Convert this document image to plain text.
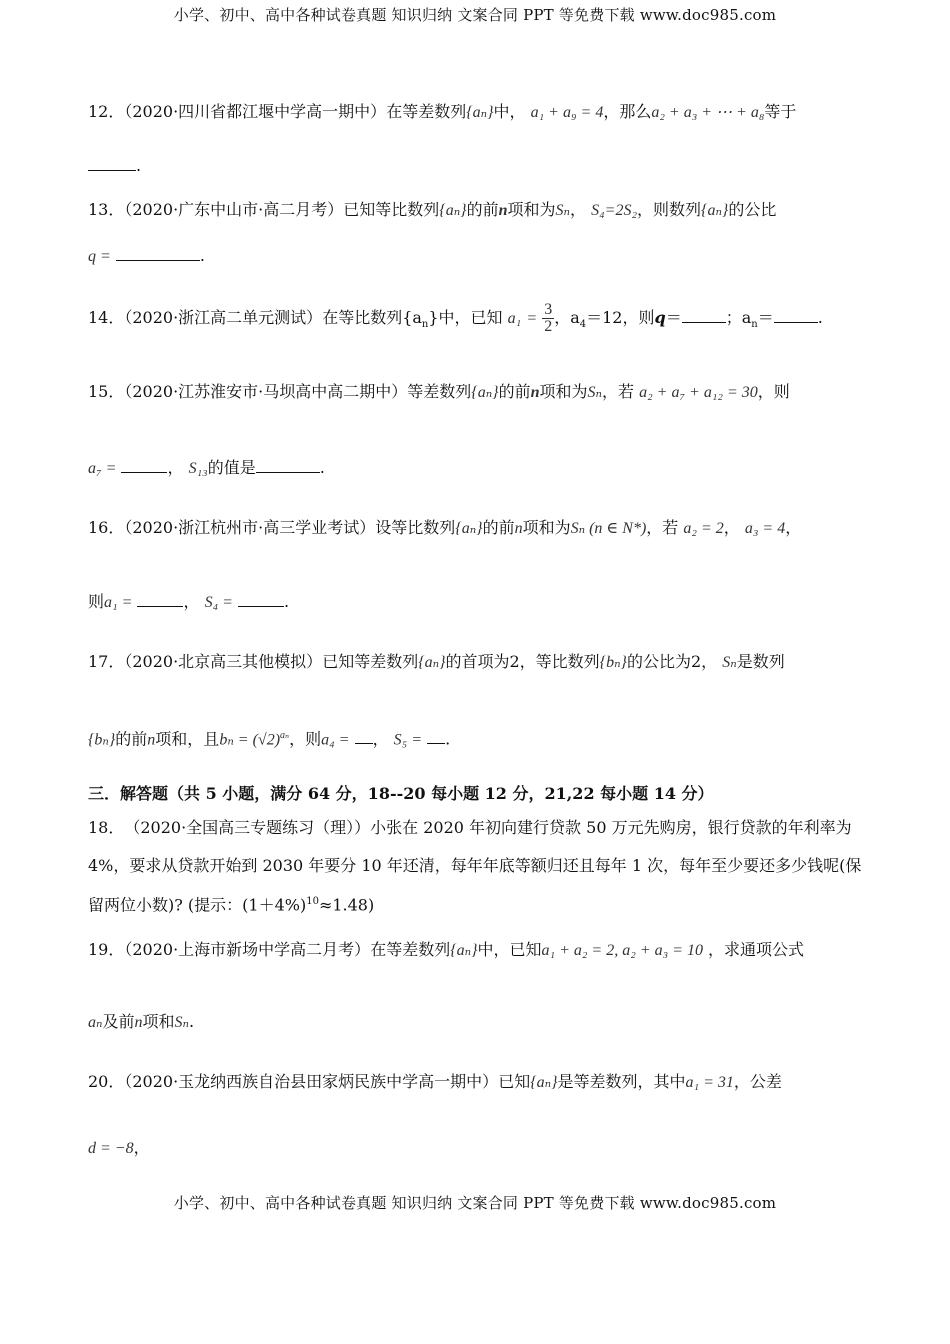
小学、初中、高中各种试卷真题 知识归纳 文案合同 PPT 等免费下载 www.doc985.com
12．（2020·四川省都江堰中学高一期中）在等差数列{aₙ}中， a₁ + a₉ = 4，那么a₂ + a₃ + ⋯ + a₈等于
.
13．（2020·广东中山市·高二月考）已知等比数列{aₙ}的前n项和为Sₙ， S₄=2S₂，则数列{aₙ}的公比
q =	.
14．（2020·浙江高二单元测试）在等比数列$\{a_n\}$中，已知 $a_1 = \frac{3}{2}$ ，$a_4=12$，则q＝	；$a_n=$	.
15．（2020·江苏淮安市·马坝高中高二期中）等差数列{aₙ}的前n项和为Sₙ，若 a₂ + a₇ + a₁₂ = 30，则
a₇ =	， S₁₃的值是	.
16．（2020·浙江杭州市·高三学业考试）设等比数列{aₙ}的前n项和为Sₙ (n ∈ N*)，若 a₂ = 2， a₃ = 4，
则a₁ =	， S₄ =	.
17．（2020·北京高三其他模拟）已知等差数列{aₙ}的首项为2，等比数列{bₙ}的公比为2， Sₙ是数列
{bₙ}的前n项和，且$b_n = (√2)^{a_n}$，则a₄ = ， S₅ = .
三．解答题（共 5 小题，满分 64 分，18--20 每小题 12 分，21,22 每小题 14 分）
18．　（2020·全国高三专题练习（理））小张在 2020 年初向建行贷款 50 万元先购房，银行贷款的年利率为
4%，要求从贷款开始到 2030 年要分 10 年还清，每年年底等额归还且每年 1 次，每年至少要还多少钱呢(保
留两位小数)? (提示：$(1+4\%)^{10}\approx 1.48$)
19．（2020·上海市新场中学高二月考）在等差数列{aₙ}中，已知a₁ + a₂ = 2, a₂ + a₃ = 10 ，求通项公式
aₙ及前n项和Sₙ.
20．（2020·玉龙纳西族自治县田家炳民族中学高一期中）已知{aₙ}是等差数列，其中a₁ = 31，公差
d = −8，
小学、初中、高中各种试卷真题 知识归纳 文案合同 PPT 等免费下载 www.doc985.com
